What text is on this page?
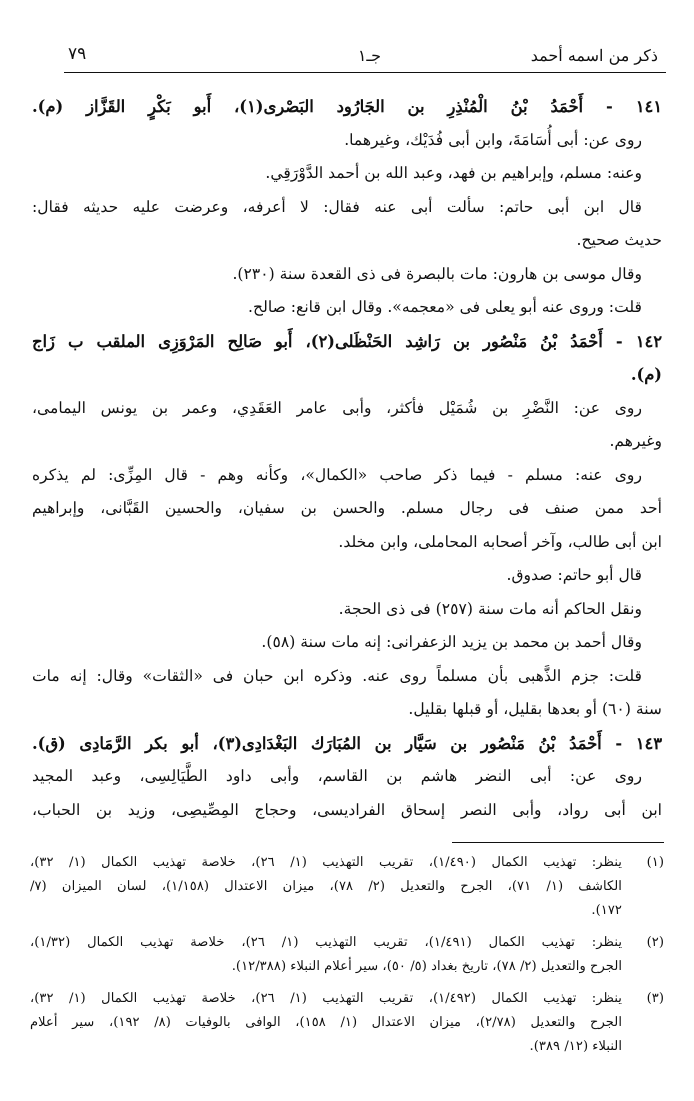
ذكر من اسمه أحمد
جـ١
٧٩
١٤١ - أَحْمَدُ بْنُ الْمُنْذِرِ بن الجَارُود البَصْرى(١)، أَبو بَكْرٍ القَزَّاز (م).
روى عن: أبى أُسَامَةَ، وابن أبى فُدَيْك، وغيرهما.
وعنه: مسلم، وإبراهيم بن فهد، وعبد الله بن أحمد الدَّوْرَقِي.
قال ابن أبى حاتم: سألت أبى عنه فقال: لا أعرفه، وعرضت عليه حديثه فقال:
حديث صحيح.
وقال موسى بن هارون: مات بالبصرة فى ذى القعدة سنة (٢٣٠).
قلت: وروى عنه أبو يعلى فى «معجمه». وقال ابن قانع: صالح.
١٤٢ - أَحْمَدُ بْنُ مَنْصُور بن رَاشِد الحَنْظَلى(٢)، أَبو صَالِح المَرْوَزِى الملقب ب زَاج
(م).
روى عن: النَّضْرِ بن شُمَيْل فأكثر، وأبى عامر العَقَدِي، وعمر بن يونس اليمامى،
وغيرهم.
روى عنه: مسلم - فيما ذكر صاحب «الكمال»، وكأنه وهم - قال المِزِّى: لم يذكره
أحد ممن صنف فى رجال مسلم. والحسن بن سفيان، والحسين القَبَّانى، وإبراهيم
ابن أبى طالب، وآخر أصحابه المحاملى، وابن مخلد.
قال أبو حاتم: صدوق.
ونقل الحاكم أنه مات سنة (٢٥٧) فى ذى الحجة.
وقال أحمد بن محمد بن يزيد الزعفرانى: إنه مات سنة (٥٨).
قلت: جزم الذَّهبى بأن مسلماً روى عنه. وذكره ابن حبان فى «الثقات» وقال: إنه مات
سنة (٦٠) أو بعدها بقليل، أو قبلها بقليل.
١٤٣ - أَحْمَدُ بْنُ مَنْصُور بن سَيَّار بن المُبَارَك البَغْدَادِى(٣)، أبو بكر الرَّمَادِى (ق).
روى عن: أبى النضر هاشم بن القاسم، وأبى داود الطَّيَالِسِى، وعبد المجيد
ابن أبى رواد، وأبى النصر إسحاق الفراديسى، وحجاج المِصِّيصِى، وزيد بن الحباب،
(١)
ينظر: تهذيب الكمال (١/٤٩٠)، تقريب التهذيب (١/ ٢٦)، خلاصة تهذيب الكمال (١/ ٣٢)،
الكاشف (١/ ٧١)، الجرح والتعديل (٢/ ٧٨)، ميزان الاعتدال (١/١٥٨)، لسان الميزان (٧/
١٧٢).
(٢)
ينظر: تهذيب الكمال (١/٤٩١)، تقريب التهذيب (١/ ٢٦)، خلاصة تهذيب الكمال (١/٣٢)،
الجرح والتعديل (٢/ ٧٨)، تاريخ بغداد (٥/ ٥٠)، سير أعلام النبلاء (١٢/٣٨٨).
(٣)
ينظر: تهذيب الكمال (١/٤٩٢)، تقريب التهذيب (١/ ٢٦)، خلاصة تهذيب الكمال (١/ ٣٢)،
الجرح والتعديل (٢/٧٨)، ميزان الاعتدال (١/ ١٥٨)، الوافى بالوفيات (٨/ ١٩٢)، سير أعلام
النبلاء (١٢/ ٣٨٩).
